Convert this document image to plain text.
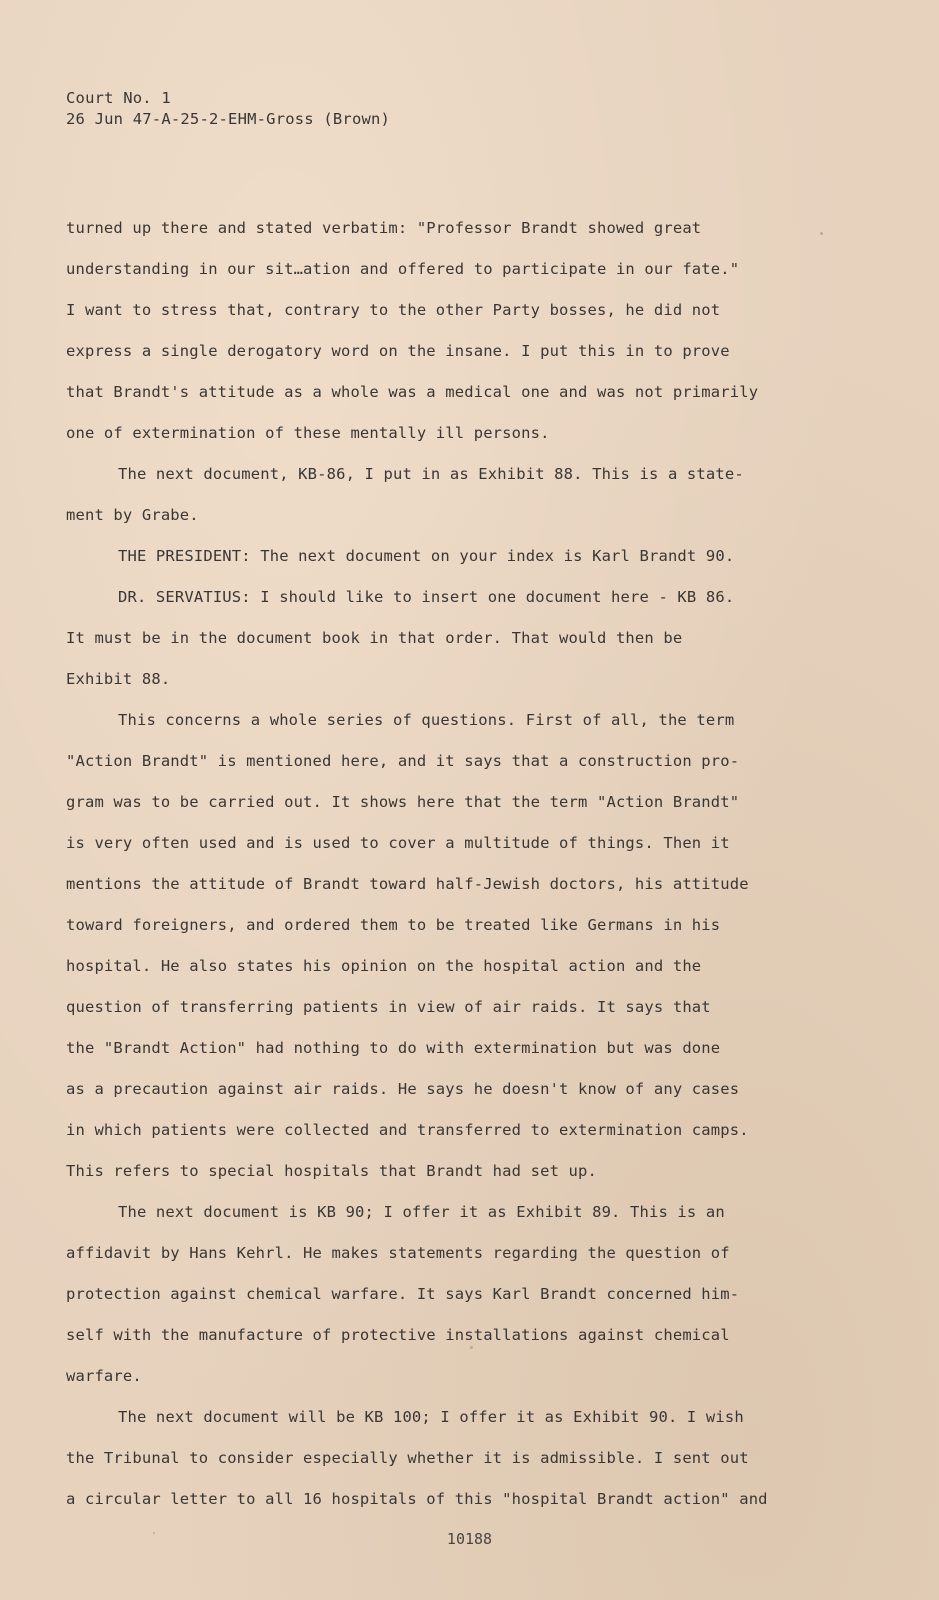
Court No. 1
26 Jun 47-A-25-2-EHM-Gross (Brown)
turned up there and stated verbatim: "Professor Brandt showed great
understanding in our sit…ation and offered to participate in our fate."
I want to stress that, contrary to the other Party bosses, he did not
express a single derogatory word on the insane. I put this in to prove
that Brandt's attitude as a whole was a medical one and was not primarily
one of extermination of these mentally ill persons.
The next document, KB-86, I put in as Exhibit 88. This is a state-
ment by Grabe.
THE PRESIDENT: The next document on your index is Karl Brandt 90.
DR. SERVATIUS: I should like to insert one document here - KB 86.
It must be in the document book in that order. That would then be
Exhibit 88.
This concerns a whole series of questions. First of all, the term
"Action Brandt" is mentioned here, and it says that a construction pro-
gram was to be carried out. It shows here that the term "Action Brandt"
is very often used and is used to cover a multitude of things. Then it
mentions the attitude of Brandt toward half-Jewish doctors, his attitude
toward foreigners, and ordered them to be treated like Germans in his
hospital. He also states his opinion on the hospital action and the
question of transferring patients in view of air raids. It says that
the "Brandt Action" had nothing to do with extermination but was done
as a precaution against air raids. He says he doesn't know of any cases
in which patients were collected and transferred to extermination camps.
This refers to special hospitals that Brandt had set up.
The next document is KB 90; I offer it as Exhibit 89. This is an
affidavit by Hans Kehrl. He makes statements regarding the question of
protection against chemical warfare. It says Karl Brandt concerned him-
self with the manufacture of protective installations against chemical
warfare.
The next document will be KB 100; I offer it as Exhibit 90. I wish
the Tribunal to consider especially whether it is admissible. I sent out
a circular letter to all 16 hospitals of this "hospital Brandt action" and
10188
